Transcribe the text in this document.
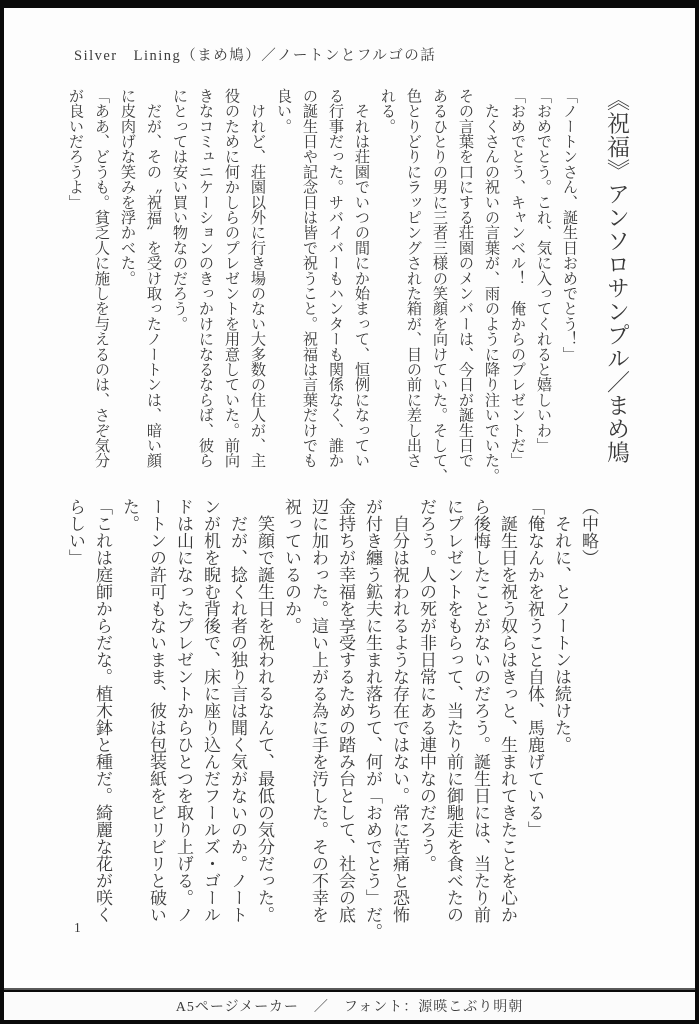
Silver　Lining（まめ鳩）／ノートンとフルゴの話
《祝福》アンソロサンプル／まめ鳩
「ノートンさん、誕生日おめでとう！」
「おめでとう。これ、気に入ってくれると嬉しいわ」
「おめでとう、キャンベル！　俺からのプレゼントだ」
　たくさんの祝いの言葉が、雨のように降り注いでいた。
その言葉を口にする荘園のメンバーは、今日が誕生日で
あるひとりの男に三者三様の笑顔を向けていた。そして、
色とりどりにラッピングされた箱が、目の前に差し出さ
れる。
　それは荘園でいつの間にか始まって、恒例になってい
る行事だった。サバイバーもハンターも関係なく、誰か
の誕生日や記念日は皆で祝うこと。祝福は言葉だけでも
良い。
　けれど、荘園以外に行き場のない大多数の住人が、主
役のために何かしらのプレゼントを用意していた。前向
きなコミュニケーションのきっかけになるならば、彼ら
にとっては安い買い物なのだろう。
　だが、その〝祝福〟を受け取ったノートンは、暗い顔
に皮肉げな笑みを浮かべた。
「ああ、どうも。貧乏人に施しを与えるのは、さぞ気分
が良いだろうよ」
（中略）
　それに、とノートンは続けた。
「俺なんかを祝うこと自体、馬鹿げている」
　誕生日を祝う奴らはきっと、生まれてきたことを心か
ら後悔したことがないのだろう。誕生日には、当たり前
にプレゼントをもらって、当たり前に御馳走を食べたの
だろう。人の死が非日常にある連中なのだろう。
　自分は祝われるような存在ではない。常に苦痛と恐怖
が付き纏う鉱夫に生まれ落ちて、何が「おめでとう」だ。
金持ちが幸福を享受するための踏み台として、社会の底
辺に加わった。這い上がる為に手を汚した。その不幸を
祝っているのか。
　笑顔で誕生日を祝われるなんて、最低の気分だった。
　だが、捻くれ者の独り言は聞く気がないのか。ノート
ンが机を睨む背後で、床に座り込んだフールズ・ゴール
ドは山になったプレゼントからひとつを取り上げる。ノ
ートンの許可もないまま、彼は包装紙をビリビリと破い
た。
「これは庭師からだな。植木鉢と種だ。綺麗な花が咲く
らしい」
1
A5ページメーカー　／　フォント：源暎こぶり明朝
